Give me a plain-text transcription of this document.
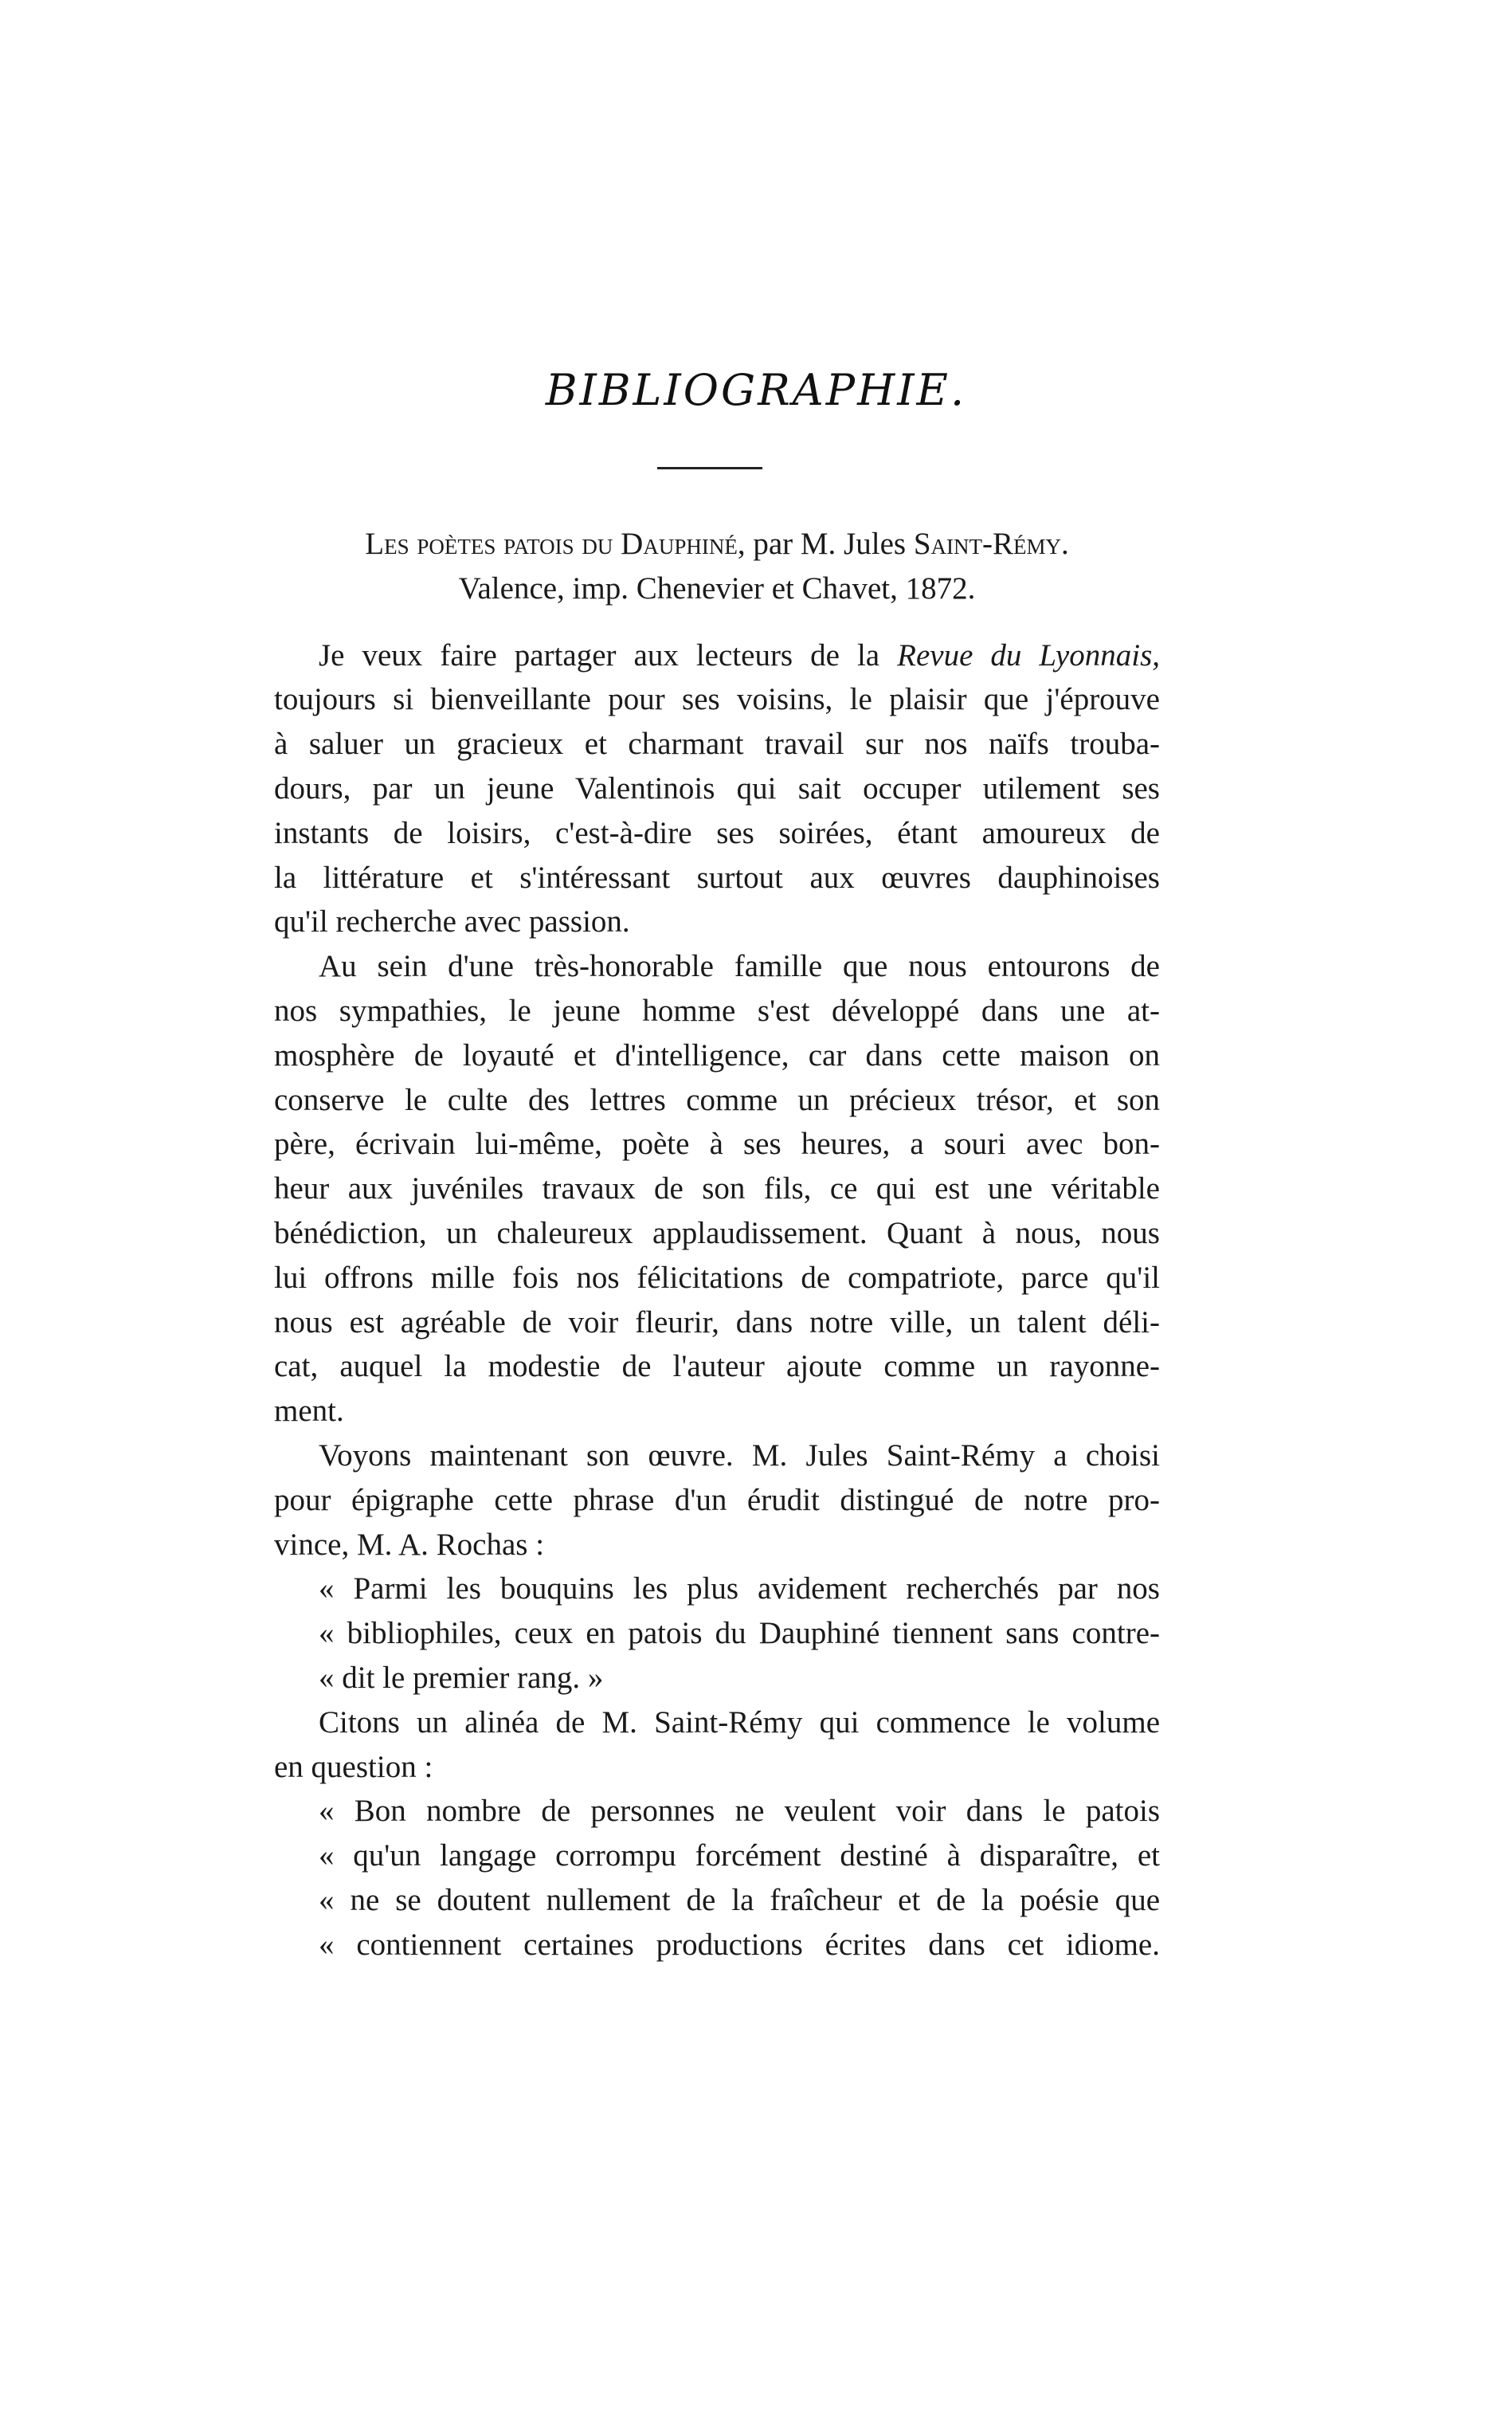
BIBLIOGRAPHIE.
Les poètes patois du Dauphiné, par M. Jules Saint-Rémy.
Valence, imp. Chenevier et Chavet, 1872.
Je veux faire partager aux lecteurs de la Revue du Lyonnais,
toujours si bienveillante pour ses voisins, le plaisir que j'éprouve
à saluer un gracieux et charmant travail sur nos naïfs trouba-
dours, par un jeune Valentinois qui sait occuper utilement ses
instants de loisirs, c'est-à-dire ses soirées, étant amoureux de
la littérature et s'intéressant surtout aux œuvres dauphinoises
qu'il recherche avec passion.
Au sein d'une très-honorable famille que nous entourons de
nos sympathies, le jeune homme s'est développé dans une at-
mosphère de loyauté et d'intelligence, car dans cette maison on
conserve le culte des lettres comme un précieux trésor, et son
père, écrivain lui-même, poète à ses heures, a souri avec bon-
heur aux juvéniles travaux de son fils, ce qui est une véritable
bénédiction, un chaleureux applaudissement. Quant à nous, nous
lui offrons mille fois nos félicitations de compatriote, parce qu'il
nous est agréable de voir fleurir, dans notre ville, un talent déli-
cat, auquel la modestie de l'auteur ajoute comme un rayonne-
ment.
Voyons maintenant son œuvre. M. Jules Saint-Rémy a choisi
pour épigraphe cette phrase d'un érudit distingué de notre pro-
vince, M. A. Rochas :
« Parmi les bouquins les plus avidement recherchés par nos
« bibliophiles, ceux en patois du Dauphiné tiennent sans contre-
« dit le premier rang. »
Citons un alinéa de M. Saint-Rémy qui commence le volume
en question :
« Bon nombre de personnes ne veulent voir dans le patois
« qu'un langage corrompu forcément destiné à disparaître, et
« ne se doutent nullement de la fraîcheur et de la poésie que
« contiennent certaines productions écrites dans cet idiome.
